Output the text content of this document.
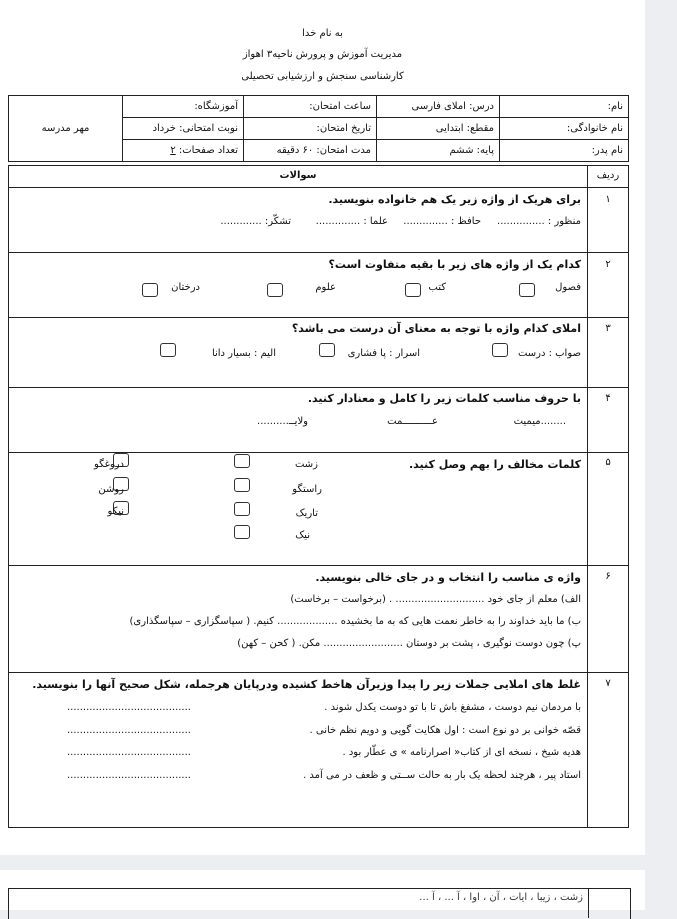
به نام خدا
مدیریت آموزش و پرورش ناحیه۳ اهواز
کارشناسی سنجش و ارزشیابی تحصیلی
نام:	درس: املای فارسی	ساعت امتحان:	آموزشگاه:	مهر مدرسه
نام خانوادگی:	مقطع: ابتدایی	تاریخ امتحان:	نوبت امتحانی: خرداد	
نام پدر:	پایه: ششم	مدت امتحان: ۶۰ دقیقه	تعداد صفحات: ۲	
ردیف
سوالات
۱
برای هریک از واژه زیر یک هم خانواده بنویسید.
منظور : ...............
حافظ : ..............
علما : ..............
تشکّر: .............
۲
کدام یک از واژه های زیر با بقیه متفاوت است؟
فصول
کتب
علوم
درختان
۳
املای کدام واژه با توجه به معنای آن درست می باشد؟
صواب : درست
اسرار : پا فشاری
الیم : بسیار دانا
۴
با حروف مناسب کلمات زیر را کامل و معنادار کنید.
........میمیت
عــــــــــمت
ولایــ..........
۵
کلمات مخالف را بهم وصل کنید.
زشت
راستگو
تاریک
نیک
دروغگو
روشن
نیکو
۶
واژه ی مناسب را انتخاب و در جای خالی بنویسید.
الف) معلم از جای خود ............................ . (برخواست – برخاست)
ب) ما باید خداوند را به خاطر نعمت هایی که به ما بخشیده ................... کنیم. ( سپاسگزاری – سپاسگذاری)
پ) چون دوست نوگیری ، پشت بر دوستان ......................... مکن. ( کحن – کهن)
۷
غلط های املایی جملات زیر را پیدا وزیرآن هاخط کشیده ودرپایان هرجمله، شکل صحیح آنها را بنویسید.
با مردمان نیم دوست ، مشفغ باش تا با تو دوست یکدل شوند .
قصّه خوانی بر دو نوع است : اول هکایت گویی و دویم نظم خانی .
هدیه شیخ ، نسخه ای از کتاب« اصرارنامه » ی عطّار بود .
استاد پیر ، هرچند لحظه یک بار به حالت ســتی و ظعف در می آمد .
.......................................
.......................................
.......................................
.......................................
زشت ، زیبا ، ایات ، آن ، اوا ، آ ... ، آ ...
